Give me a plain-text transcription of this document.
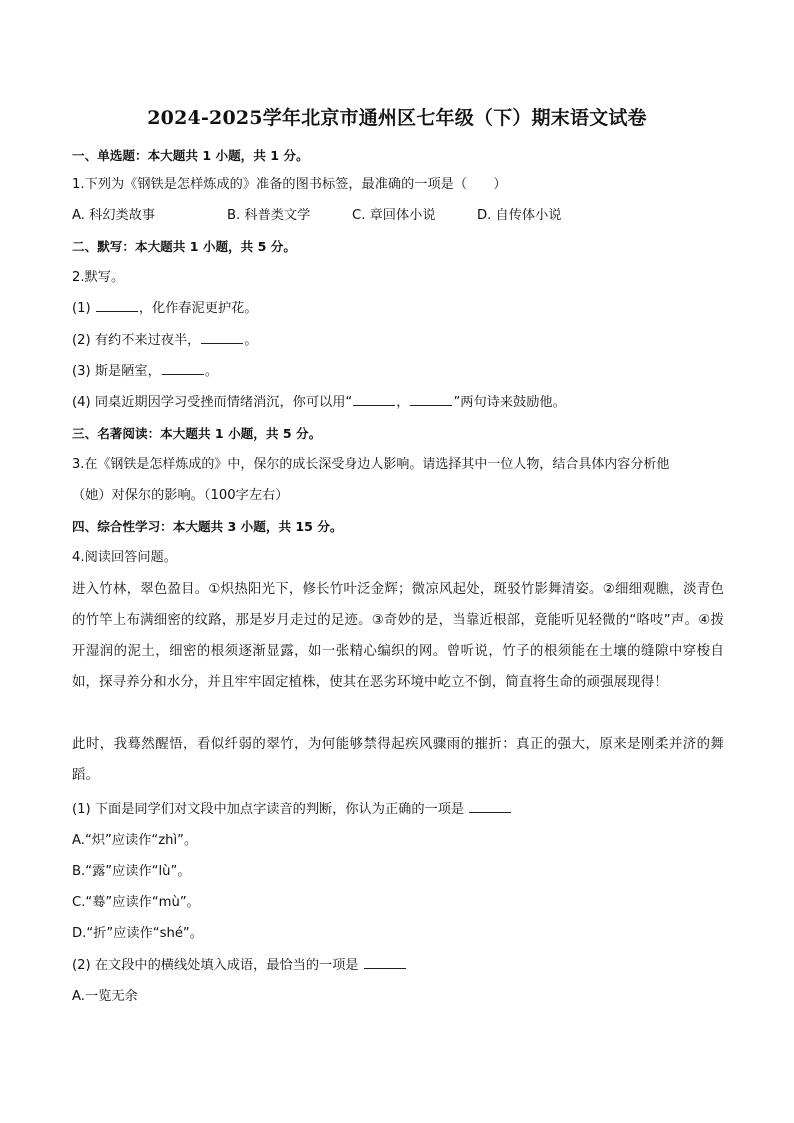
2024-2025学年北京市通州区七年级（下）期末语文试卷
一、单选题：本大题共 1 小题，共 1 分。
1.下列为《钢铁是怎样炼成的》准备的图书标签，最准确的一项是（　　）
A. 科幻类故事	B. 科普类文学	C. 章回体小说	D. 自传体小说
二、默写：本大题共 1 小题，共 5 分。
2.默写。
(1)	，化作春泥更护花。
(2) 有约不来过夜半，	。
(3) 斯是陋室，	。
(4) 同桌近期因学习受挫而情绪消沉，你可以用“	，	”两句诗来鼓励他。
三、名著阅读：本大题共 1 小题，共 5 分。
3.在《钢铁是怎样炼成的》中，保尔的成长深受身边人影响。请选择其中一位人物，结合具体内容分析他
（她）对保尔的影响。（100字左右）
四、综合性学习：本大题共 3 小题，共 15 分。
4.阅读回答问题。
进入竹林，翠色盈目。①炽热阳光下，修长竹叶泛金辉；微凉风起处，斑驳竹影舞清姿。②细细观瞧，淡青色的竹竿上布满细密的纹路，那是岁月走过的足迹。③奇妙的是，当靠近根部，竟能听见轻微的“咯吱”声。④拨开湿润的泥土，细密的根须逐渐显露，如一张精心编织的网。曾听说，竹子的根须能在土壤的缝隙中穿梭自如，探寻养分和水分，并且牢牢固定植株，使其在恶劣环境中屹立不倒，简直将生命的顽强展现得！
此时，我蓦然醒悟，看似纤弱的翠竹，为何能够禁得起疾风骤雨的摧折：真正的强大，原来是刚柔并济的舞蹈。
(1) 下面是同学们对文段中加点字读音的判断，你认为正确的一项是
A.“炽”应读作“zhì”。
B.“露”应读作“lù”。
C.“蓦”应读作“mù”。
D.“折”应读作“shé”。
(2) 在文段中的横线处填入成语，最恰当的一项是
A.一览无余
